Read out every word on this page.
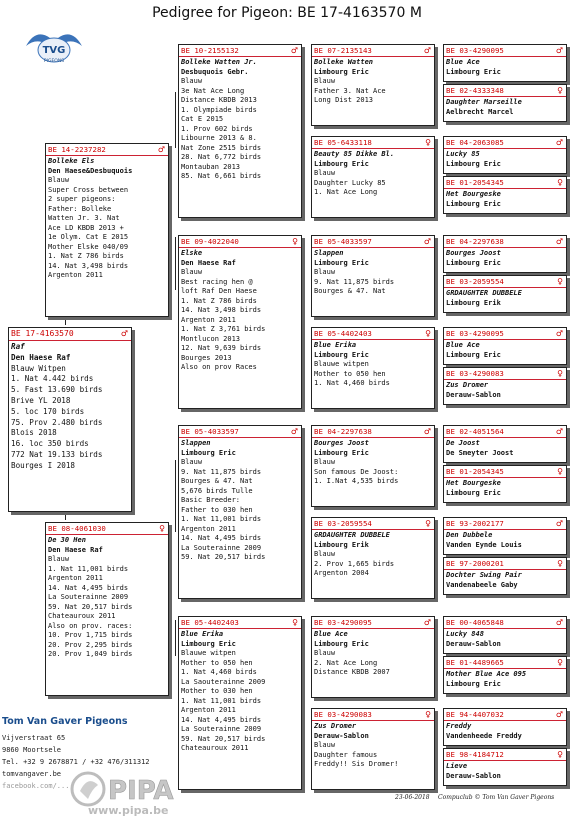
Pedigree for Pigeon: BE 17-4163570 M
TVG
PIGEONS
BE 17-4163570	♂
Raf
Den Haese Raf
Blauw Witpen
1. Nat 4.442 birds
5. Fast 13.690 birds
Brive YL 2018
5. loc 170 birds
75. Prov 2.480 birds
Blois 2018
16. loc 350 birds
772 Nat 19.133 birds
Bourges I 2018
BE 14-2237282	♂
Bolleke Els
Den Haese&Desbuquois
Blauw
Super Cross between
2 super pigeons:
Father: Bolleke
Watten Jr. 3. Nat
Ace LD KBDB 2013 +
1e Olym. Cat E 2015
Mother Elske 040/09
1. Nat Z 786 birds
14. Nat 3,498 birds
Argenton 2011
BE 08-4061030	♀
De 30 Hen
Den Haese Raf
Blauw
1. Nat 11,001 birds
Argenton 2011
14. Nat 4,495 birds
La Souterainne 2009
59. Nat 20,517 birds
Chateauroux 2011
Also on prov. races:
10. Prov 1,715 birds
20. Prov 2,295 birds
20. Prov 1,049 birds
BE 10-2155132	♂
Bolleke Watten Jr.
Desbuquois Gebr.
Blauw
3e Nat Ace Long
Distance KBDB 2013
1. Olympiade birds
Cat E 2015
1. Prov 602 birds
Libourne 2013 & 8.
Nat Zone 2515 birds
28. Nat 6,772 birds
Montauban 2013
85. Nat 6,661 birds
BE 09-4022040	♀
Elske
Den Haese Raf
Blauw
Best racing hen @
loft Raf Den Haese
1. Nat Z 786 birds
14. Nat 3,498 birds
Argenton 2011
1. Nat Z 3,761 birds
Montlucon 2013
12. Nat 9,639 birds
Bourges 2013
Also on prov Races
BE 05-4033597	♂
Slappen
Limbourg Eric
Blauw
9. Nat 11,875 birds
Bourges & 47. Nat
5,676 birds Tulle
Basic Breeder:
Father to 030 hen
1. Nat 11,001 birds
Argenton 2011
14. Nat 4,495 birds
La Souterainne 2009
59. Nat 20,517 birds
BE 05-4402403	♀
Blue Erika
Limbourg Eric
Blauwe witpen
Mother to 050 hen
1. Nat 4,460 birds
La Saouterainne 2009
Mother to 030 hen
1. Nat 11,001 birds
Argenton 2011
14. Nat 4,495 birds
La Souterainne 2009
59. Nat 20,517 birds
Chateauroux 2011
BE 07-2135143	♂
Bolleke Watten
Limbourg Eric
Blauw
Father 3. Nat Ace
Long Dist 2013
BE 05-6433118	♀
Beauty 85 Dikke Bl.
Limbourg Eric
Blauw
Daughter Lucky 85
1. Nat Ace Long
BE 05-4033597	♂
Slappen
Limbourg Eric
Blauw
9. Nat 11,875 birds
Bourges & 47. Nat
BE 05-4402403	♀
Blue Erika
Limbourg Eric
Blauwe witpen
Mother to 050 hen
1. Nat 4,460 birds
BE 04-2297638	♂
Bourges Joost
Limbourg Eric
Blauw
Son famous De Joost:
1. I.Nat 4,535 birds
BE 03-2059554	♀
GRDAUGHTER DUBBELE
Limbourg Erik
Blauw
2. Prov 1,665 birds
Argenton 2004
BE 03-4290095	♂
Blue Ace
Limbourg Eric
Blauw
2. Nat Ace Long
Distance KBDB 2007
BE 03-4290083	♀
Zus Dromer
Derauw-Sablon
Blauw
Daughter famous
Freddy!! Sis Dromer!
BE 03-4290095	♂
Blue Ace
Limbourg Eric
BE 02-4333348	♀
Daughter Marseille
Aelbrecht Marcel
BE 04-2063085	♂
Lucky 85
Limbourg Eric
BE 01-2054345	♀
Het Bourgeske
Limbourg Eric
BE 04-2297638	♂
Bourges Joost
Limbourg Eric
BE 03-2059554	♀
GRDAUGHTER DUBBELE
Limbourg Erik
BE 03-4290095	♂
Blue Ace
Limbourg Eric
BE 03-4290083	♀
Zus Dromer
Derauw-Sablon
BE 02-4051564	♂
De Joost
De Smeyter Joost
BE 01-2054345	♀
Het Bourgeske
Limbourg Eric
BE 93-2002177	♂
Den Dubbele
Vanden Eynde Louis
BE 97-2000201	♀
Dochter Swing Pair
Vandenabeele Gaby
BE 00-4065848	♂
Lucky 848
Derauw-Sablon
BE 01-4489665	♀
Mother Blue Ace 095
Limbourg Eric
BE 94-4407032	♂
Freddy
Vandenheede Freddy
BE 98-4184712	♀
Lieve
Derauw-Sablon
Tom Van Gaver Pigeons
Vijverstraat 65
9860 Moortsele
Tel. +32 9 2678871 / +32 476/311312
tomvangaver.be
facebook.com/...
23-06-2018 Compuclub © Tom Van Gaver Pigeons
PIPA
www.pipa.be
